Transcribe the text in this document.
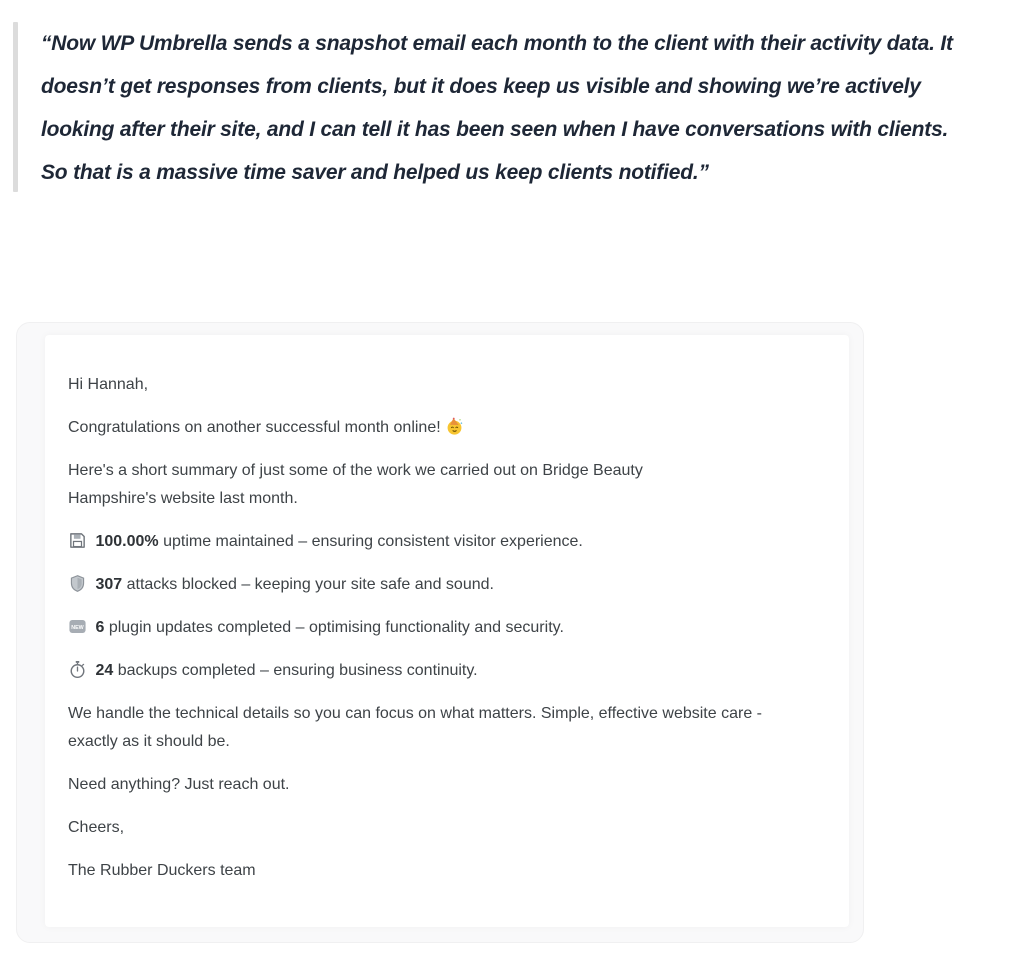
“Now WP Umbrella sends a snapshot email each month to the client with their activity data. It doesn’t get responses from clients, but it does keep us visible and showing we’re actively looking after their site, and I can tell it has been seen when I have conversations with clients. So that is a massive time saver and helped us keep clients notified.”

Hi Hannah,

Congratulations on another successful month online!

Here's a short summary of just some of the work we carried out on Bridge Beauty Hampshire's website last month.

100.00% uptime maintained – ensuring consistent visitor experience.

307 attacks blocked – keeping your site safe and sound.

NEW 6 plugin updates completed – optimising functionality and security.

24 backups completed – ensuring business continuity.

We handle the technical details so you can focus on what matters. Simple, effective website care - exactly as it should be.

Need anything? Just reach out.

Cheers,

The Rubber Duckers team
